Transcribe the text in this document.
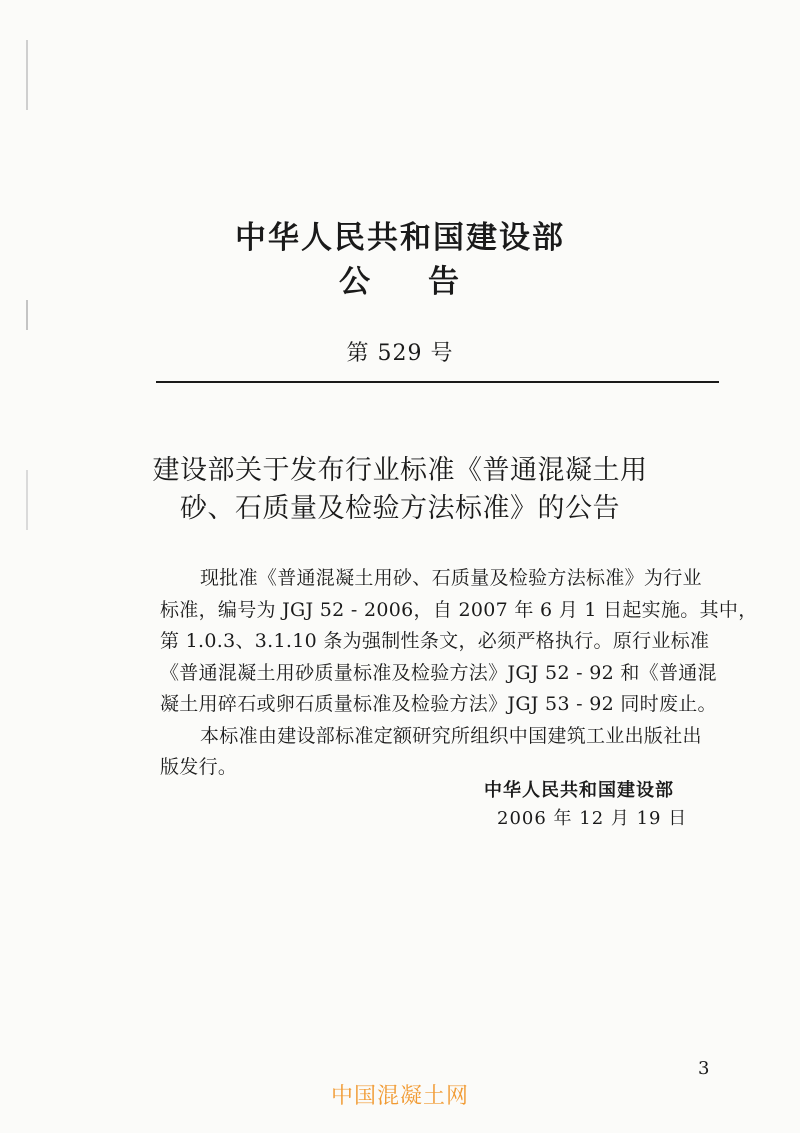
中华人民共和国建设部
公 告
第 529 号
建设部关于发布行业标准《普通混凝土用
砂、石质量及检验方法标准》的公告

现批准《普通混凝土用砂、石质量及检验方法标准》为行业
标准，编号为 JGJ 52 - 2006，自 2007 年 6 月 1 日起实施。其中，
第 1.0.3、3.1.10 条为强制性条文，必须严格执行。原行业标准
《普通混凝土用砂质量标准及检验方法》JGJ 52 - 92 和《普通混
凝土用碎石或卵石质量标准及检验方法》JGJ 53 - 92 同时废止。

本标准由建设部标准定额研究所组织中国建筑工业出版社出
版发行。

中华人民共和国建设部
2006 年 12 月 19 日
3
中国混凝土网
